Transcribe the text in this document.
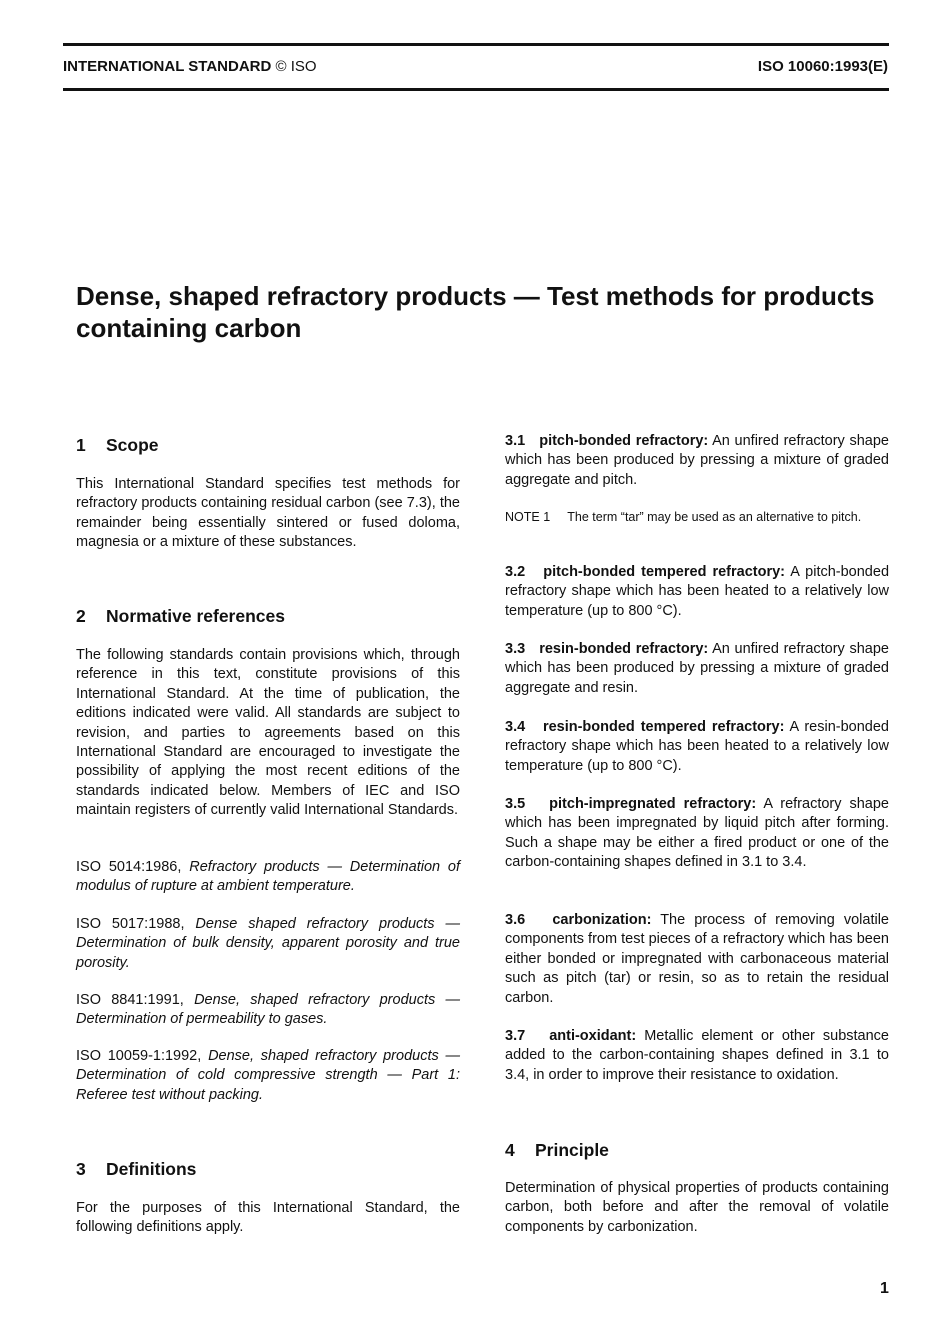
INTERNATIONAL STANDARD © ISO	ISO 10060:1993(E)
Dense, shaped refractory products — Test methods for products containing carbon
1 Scope
This International Standard specifies test methods for refractory products containing residual carbon (see 7.3), the remainder being essentially sintered or fused doloma, magnesia or a mixture of these substances.
2 Normative references
The following standards contain provisions which, through reference in this text, constitute provisions of this International Standard. At the time of publication, the editions indicated were valid. All standards are subject to revision, and parties to agreements based on this International Standard are encouraged to investigate the possibility of applying the most recent editions of the standards indicated below. Members of IEC and ISO maintain registers of currently valid International Standards.
ISO 5014:1986, Refractory products — Determination of modulus of rupture at ambient temperature.
ISO 5017:1988, Dense shaped refractory products — Determination of bulk density, apparent porosity and true porosity.
ISO 8841:1991, Dense, shaped refractory products — Determination of permeability to gases.
ISO 10059-1:1992, Dense, shaped refractory products — Determination of cold compressive strength — Part 1: Referee test without packing.
3 Definitions
For the purposes of this International Standard, the following definitions apply.
3.1 pitch-bonded refractory: An unfired refractory shape which has been produced by pressing a mixture of graded aggregate and pitch.
NOTE 1 The term “tar” may be used as an alternative to pitch.
3.2 pitch-bonded tempered refractory: A pitch-bonded refractory shape which has been heated to a relatively low temperature (up to 800 °C).
3.3 resin-bonded refractory: An unfired refractory shape which has been produced by pressing a mixture of graded aggregate and resin.
3.4 resin-bonded tempered refractory: A resin-bonded refractory shape which has been heated to a relatively low temperature (up to 800 °C).
3.5 pitch-impregnated refractory: A refractory shape which has been impregnated by liquid pitch after forming. Such a shape may be either a fired product or one of the carbon-containing shapes defined in 3.1 to 3.4.
3.6 carbonization: The process of removing volatile components from test pieces of a refractory which has been either bonded or impregnated with carbonaceous material such as pitch (tar) or resin, so as to retain the residual carbon.
3.7 anti-oxidant: Metallic element or other substance added to the carbon-containing shapes defined in 3.1 to 3.4, in order to improve their resistance to oxidation.
4 Principle
Determination of physical properties of products containing carbon, both before and after the removal of volatile components by carbonization.
1
